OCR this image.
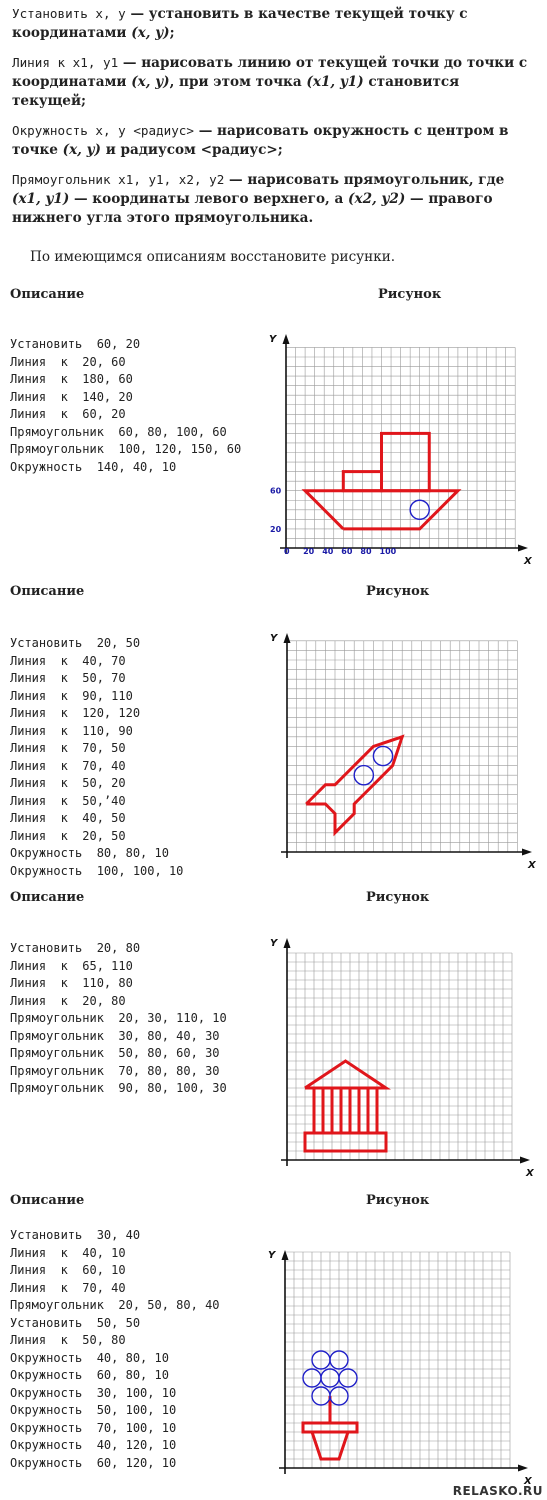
Установить x, y — установить в качестве текущей точку с координатами (x, y);
Линия к x1, y1 — нарисовать линию от текущей точки до точки с координатами (x, y), при этом точка (x1, y1) становится текущей;
Окружность x, y <радиус> — нарисовать окружность с центром в точке (x, y) и радиусом <радиус>;
Прямоугольник x1, y1, x2, y2 — нарисовать прямоугольник, где (x1, y1) — координаты левого верхнего, а (x2, y2) — правого нижнего угла этого прямоугольника.
По имеющимся описаниям восстановите рисунки.
Описание	Рисунок
Описание	Рисунок
Описание	Рисунок
Описание	Рисунок
Установить  60, 20
Линия  к  20, 60
Линия  к  180, 60
Линия  к  140, 20
Линия  к  60, 20
Прямоугольник  60, 80, 100, 60
Прямоугольник  100, 120, 150, 60
Окружность  140, 40, 10
Установить  20, 50
Линия  к  40, 70
Линия  к  50, 70
Линия  к  90, 110
Линия  к  120, 120
Линия  к  110, 90
Линия  к  70, 50
Линия  к  70, 40
Линия  к  50, 20
Линия  к  50,’40
Линия  к  40, 50
Линия  к  20, 50
Окружность  80, 80, 10
Окружность  100, 100, 10
Установить  20, 80
Линия  к  65, 110
Линия  к  110, 80
Линия  к  20, 80
Прямоугольник  20, 30, 110, 10
Прямоугольник  30, 80, 40, 30
Прямоугольник  50, 80, 60, 30
Прямоугольник  70, 80, 80, 30
Прямоугольник  90, 80, 100, 30
Установить  30, 40
Линия  к  40, 10
Линия  к  60, 10
Линия  к  70, 40
Прямоугольник  20, 50, 80, 40
Установить  50, 50
Линия  к  50, 80
Окружность  40, 80, 10
Окружность  60, 80, 10
Окружность  30, 100, 10
Окружность  50, 100, 10
Окружность  70, 100, 10
Окружность  40, 120, 10
Окружность  60, 120, 10
Y
X
0 20 40 60 80 100
20
60
Y
X
Y
X
Y
X
RELASKO.RU
